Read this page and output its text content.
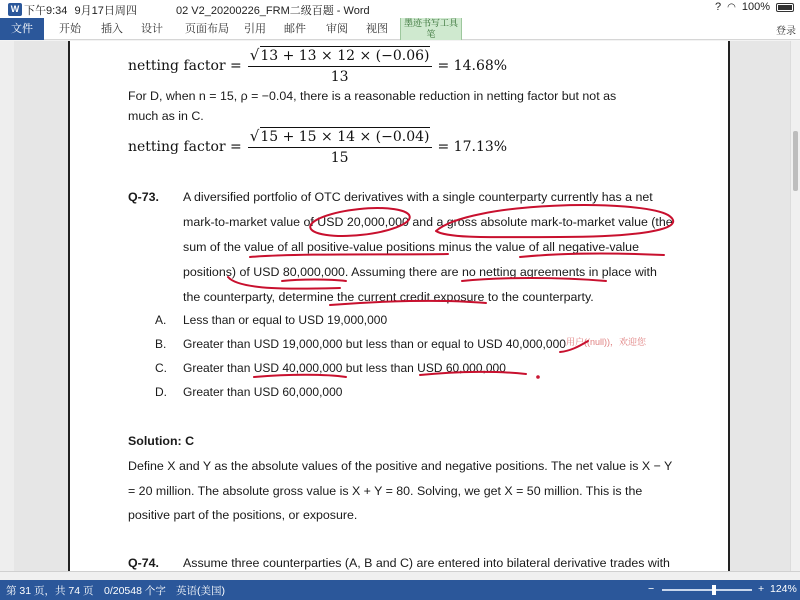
W 下午9:34 9月17日周四	02 V2_20200226_FRM二级百题 - Word	? ◠ 100%
文件	开始	插入	设计	页面布局	引用	邮件	审阅	视图	墨迹书写工具
笔	登录
netting factor = $\frac{√13 + 13 \times 12 \times (-0.06)}{13} = 14.68\%$
For D, when n = 15, ρ = −0.04, there is a reasonable reduction in netting factor but not as
much as in C.
netting factor = $\frac{√15 + 15 \times 14 \times (-0.04)}{15} = 17.13\%$
Q-73. A diversified portfolio of OTC derivatives with a single counterparty currently has a net
mark-to-market value of USD 20,000,000 and a gross absolute mark-to-market value (the
sum of the value of all positive-value positions minus the value of all negative-value
positions) of USD 80,000,000. Assuming there are no netting agreements in place with
the counterparty, determine the current credit exposure to the counterparty.
A. Less than or equal to USD 19,000,000
B. Greater than USD 19,000,000 but less than or equal to USD 40,000,000
C. Greater than USD 40,000,000 but less than USD 60,000,000
D. Greater than USD 60,000,000
用户((null))，欢迎您
Solution: C
Define X and Y as the absolute values of the positive and negative positions. The net value is X − Y
= 20 million. The absolute gross value is X + Y = 80. Solving, we get X = 50 million. This is the
positive part of the positions, or exposure.
Q-74. Assume three counterparties (A, B and C) are entered into bilateral derivative trades with
第 31 页，共 74 页 0/20548 个字 英语(美国)	−	+ 124%
